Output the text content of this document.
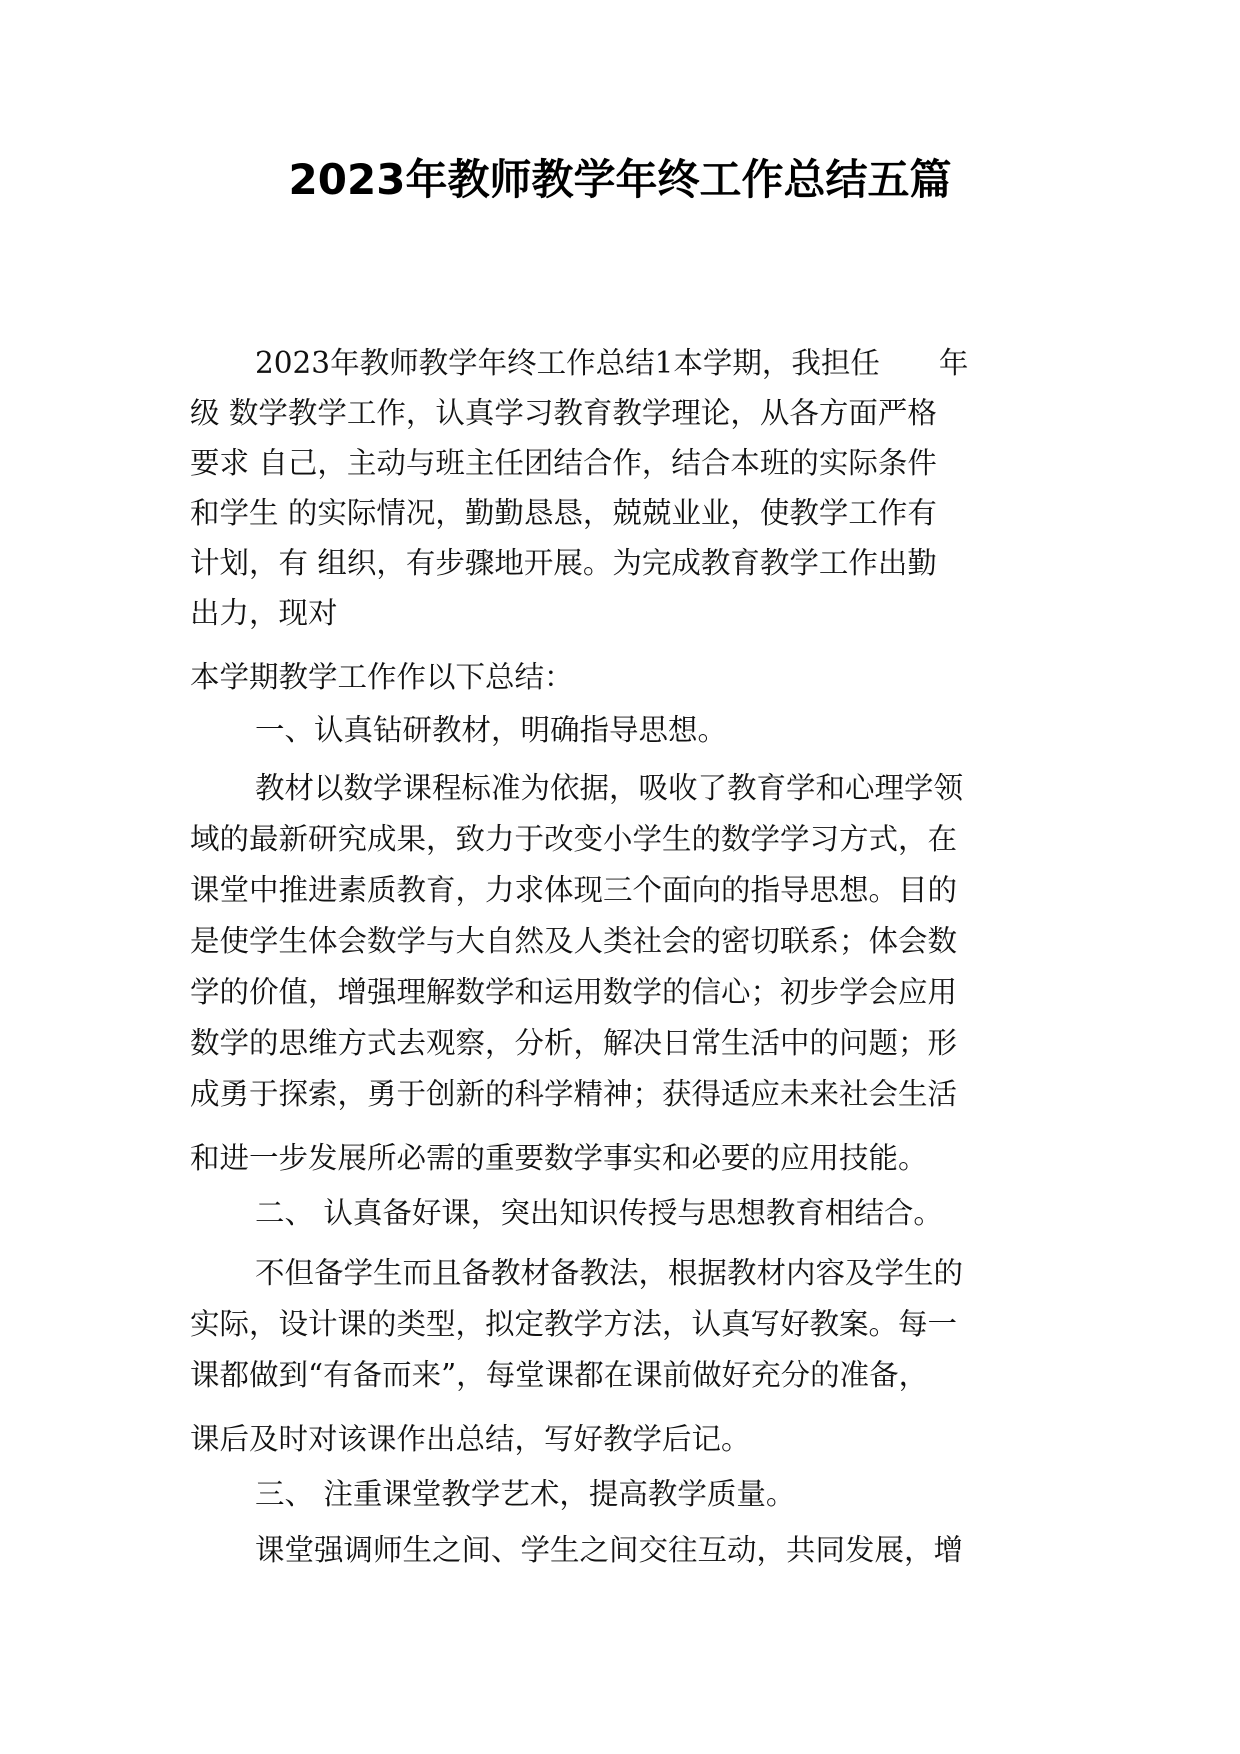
2023年教师教学年终工作总结五篇

2023年教师教学年终工作总结1本学期，我担任　　年

级 数学教学工作，认真学习教育教学理论，从各方面严格

要求 自己，主动与班主任团结合作，结合本班的实际条件

和学生 的实际情况，勤勤恳恳，兢兢业业，使教学工作有

计划，有 组织，有步骤地开展。为完成教育教学工作出勤

出力，现对

本学期教学工作作以下总结：

一、认真钻研教材，明确指导思想。

教材以数学课程标准为依据，吸收了教育学和心理学领

域的最新研究成果，致力于改变小学生的数学学习方式，在

课堂中推进素质教育，力求体现三个面向的指导思想。目的

是使学生体会数学与大自然及人类社会的密切联系；体会数

学的价值，增强理解数学和运用数学的信心；初步学会应用

数学的思维方式去观察，分析，解决日常生活中的问题；形

成勇于探索，勇于创新的科学精神；获得适应未来社会生活

和进一步发展所必需的重要数学事实和必要的应用技能。

二、 认真备好课，突出知识传授与思想教育相结合。

不但备学生而且备教材备教法，根据教材内容及学生的

实际，设计课的类型，拟定教学方法，认真写好教案。每一

课都做到“有备而来”，每堂课都在课前做好充分的准备，

课后及时对该课作出总结，写好教学后记。

三、 注重课堂教学艺术，提高教学质量。

课堂强调师生之间、学生之间交往互动，共同发展，增
